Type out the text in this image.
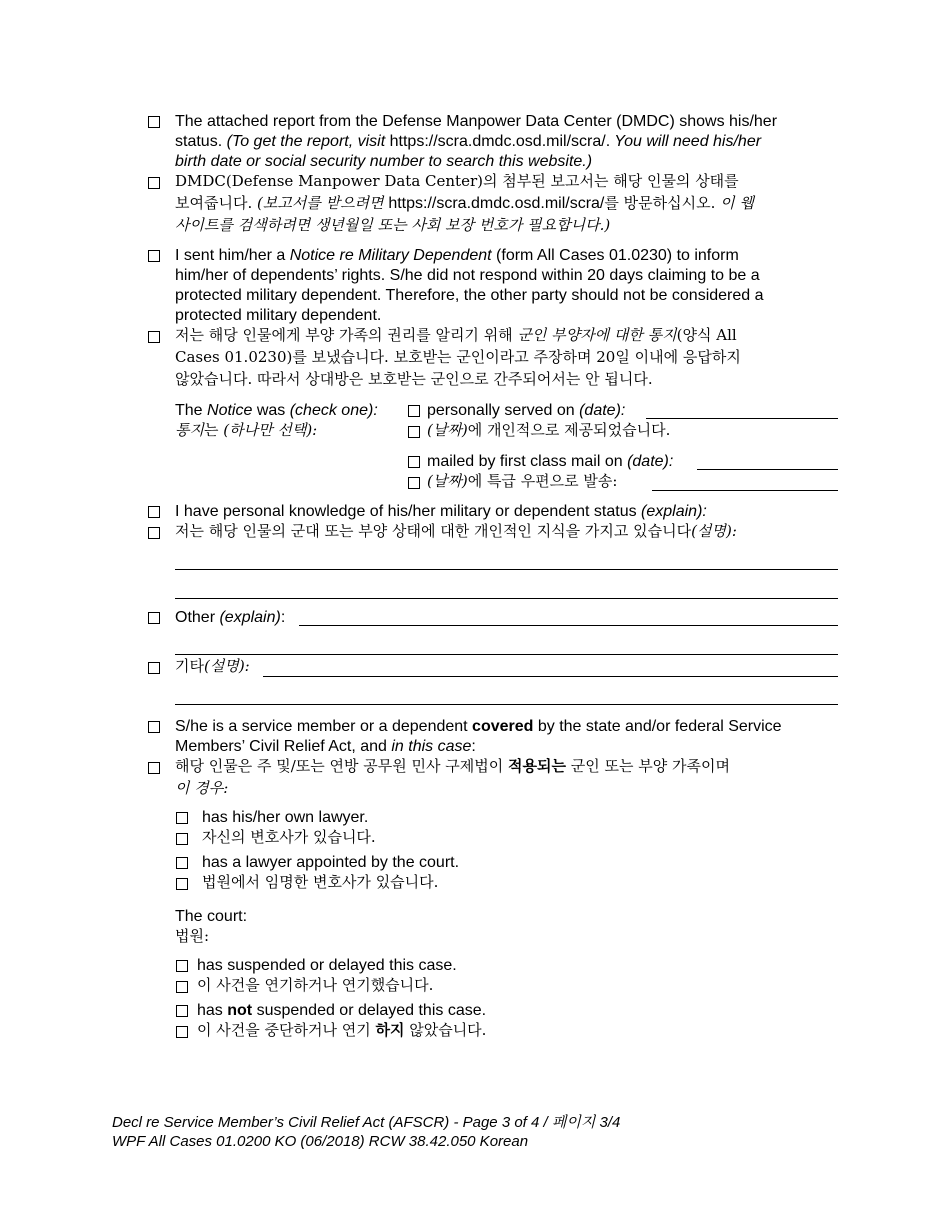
The attached report from the Defense Manpower Data Center (DMDC) shows his/her
status. (To get the report, visit https://scra.dmdc.osd.mil/scra/. You will need his/her
birth date or social security number to search this website.)
DMDC(Defense Manpower Data Center)의 첨부된 보고서는 해당 인물의 상태를
보여줍니다. (보고서를 받으려면 https://scra.dmdc.osd.mil/scra/를 방문하십시오. 이 웹
사이트를 검색하려면 생년월일 또는 사회 보장 번호가 필요합니다.)
I sent him/her a Notice re Military Dependent (form All Cases 01.0230) to inform
him/her of dependents’ rights. S/he did not respond within 20 days claiming to be a
protected military dependent. Therefore, the other party should not be considered a
protected military dependent.
저는 해당 인물에게 부양 가족의 권리를 알리기 위해 군인 부양자에 대한 통지(양식 All
Cases 01.0230)를 보냈습니다. 보호받는 군인이라고 주장하며 20일 이내에 응답하지
않았습니다. 따라서 상대방은 보호받는 군인으로 간주되어서는 안 됩니다.
The Notice was (check one):
통지는 (하나만 선택):
personally served on (date):
(날짜)에 개인적으로 제공되었습니다.
mailed by first class mail on (date):
(날짜)에 특급 우편으로 발송:
I have personal knowledge of his/her military or dependent status (explain):
저는 해당 인물의 군대 또는 부양 상태에 대한 개인적인 지식을 가지고 있습니다(설명):
Other (explain):
기타(설명):
S/he is a service member or a dependent covered by the state and/or federal Service
Members’ Civil Relief Act, and in this case:
해당 인물은 주 및/또는 연방 공무원 민사 구제법이 적용되는 군인 또는 부양 가족이며
이 경우:
has his/her own lawyer.
자신의 변호사가 있습니다.
has a lawyer appointed by the court.
법원에서 임명한 변호사가 있습니다.
The court:
법원:
has suspended or delayed this case.
이 사건을 연기하거나 연기했습니다.
has not suspended or delayed this case.
이 사건을 중단하거나 연기 하지 않았습니다.
Decl re Service Member’s Civil Relief Act (AFSCR) - Page 3 of 4 / 페이지 3/4
WPF All Cases 01.0200 KO (06/2018) RCW 38.42.050 Korean
